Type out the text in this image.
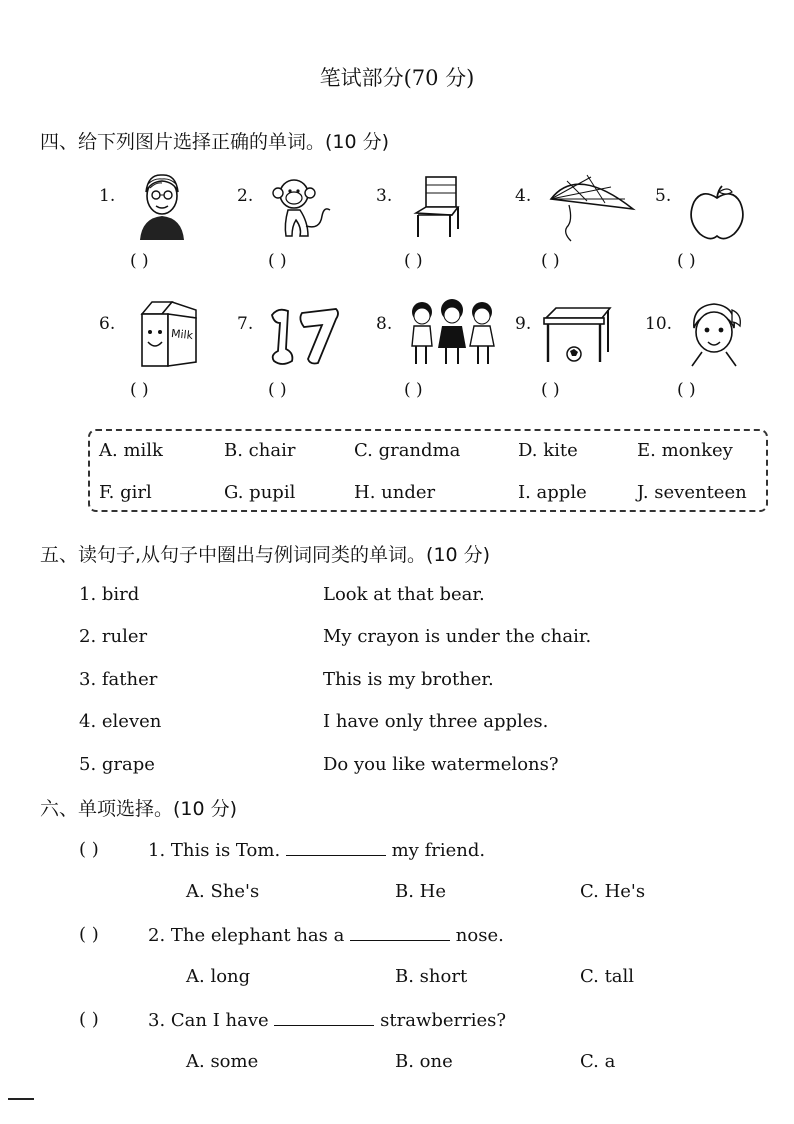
笔试部分(70 分)
四、给下列图片选择正确的单词。(10 分)
1.	2.	3.	4.	5.
( )	( )	( )	( )	( )
6.	7.	8.	9.	10.
Milk
( )	( )	( )	( )	( )
A. milk	B. chair	C. grandma	D. kite	E. monkey
F. girl	G. pupil	H. under	I. apple	J. seventeen
五、读句子,从句子中圈出与例词同类的单词。(10 分)
1. bird	Look at that bear.
2. ruler	My crayon is under the chair.
3. father	This is my brother.
4. eleven	I have only three apples.
5. grape	Do you like watermelons?
六、单项选择。(10 分)
( )	1. This is Tom.	my friend.
A. She's	B. He	C. He's
( )	2. The elephant has a	nose.
A. long	B. short	C. tall
( )	3. Can I have	strawberries?
A. some	B. one	C. a
